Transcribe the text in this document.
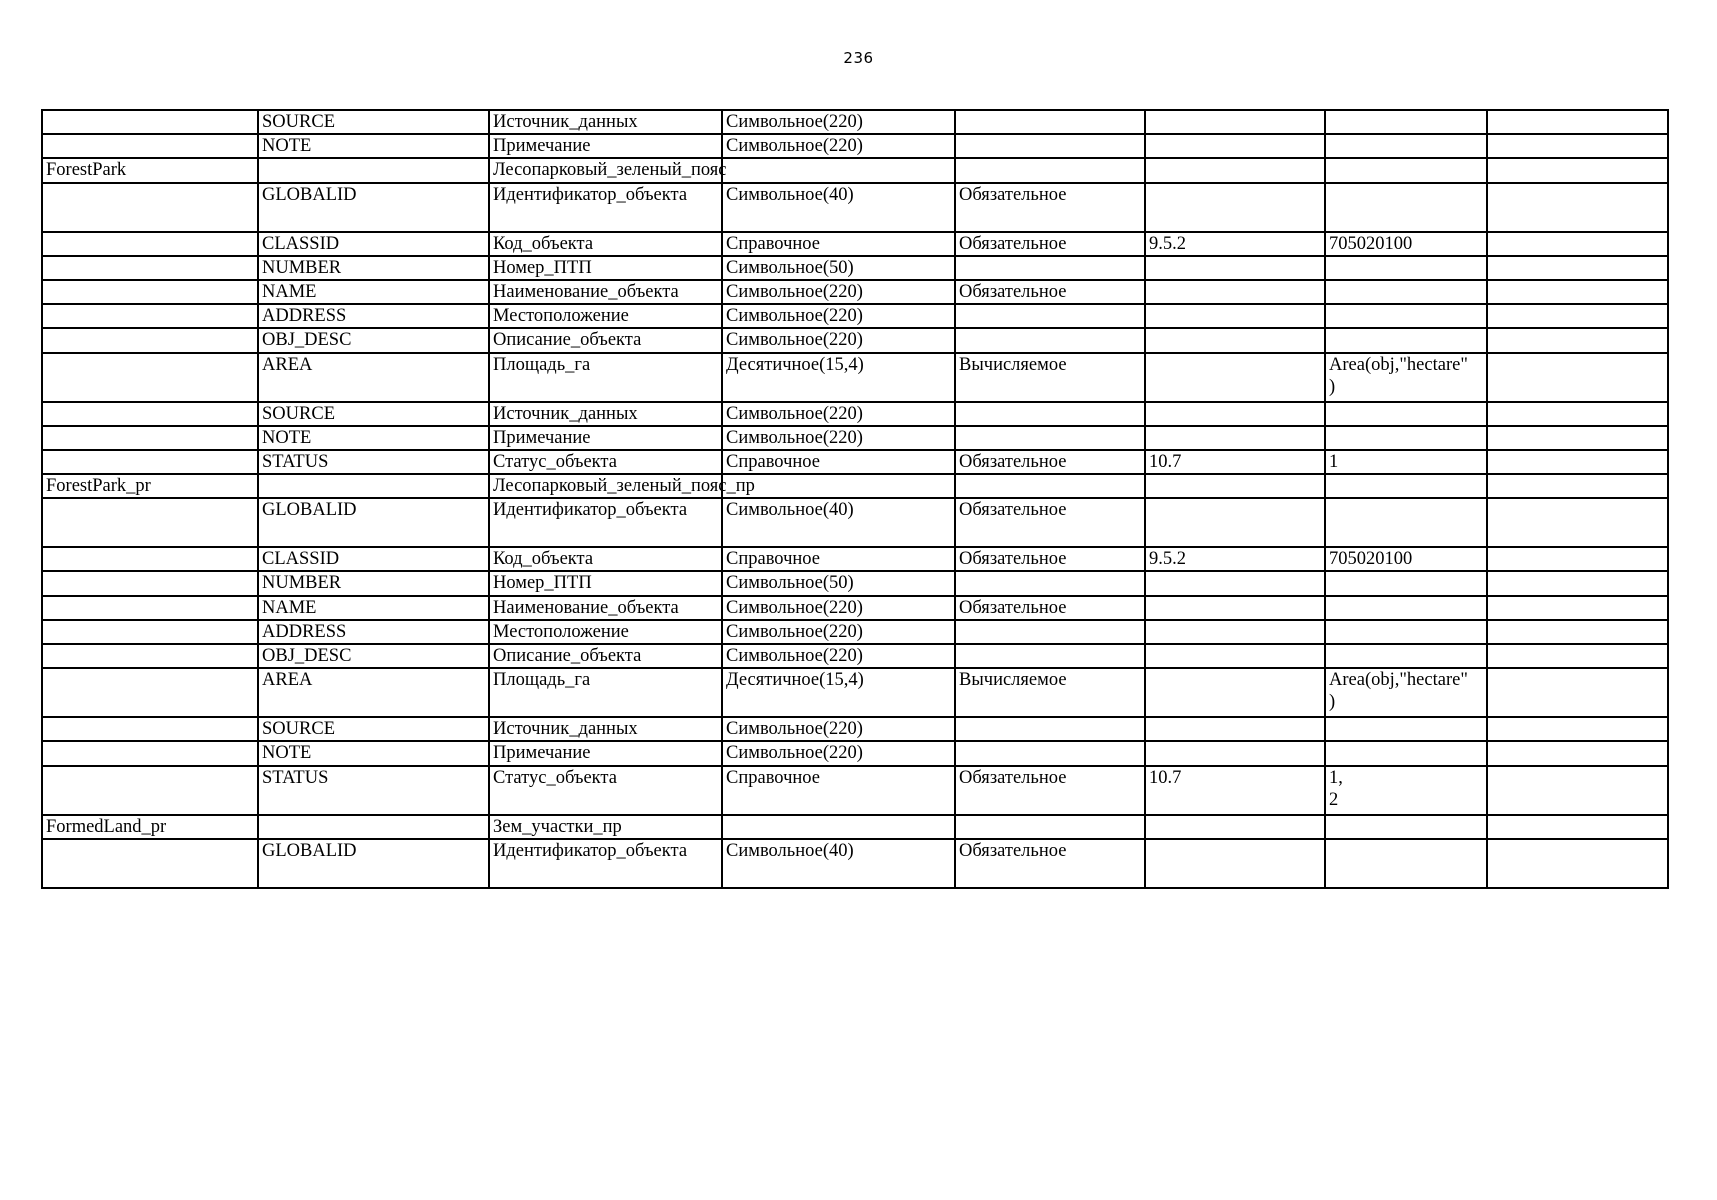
236
	SOURCE	Источник_данных	Символьное(220)				
	NOTE	Примечание	Символьное(220)				
ForestPark		Лесопарковый_зеленый_пояс					
	GLOBALID	Идентификатор_объекта	Символьное(40)	Обязательное			
	CLASSID	Код_объекта	Справочное	Обязательное	9.5.2	705020100	
	NUMBER	Номер_ПТП	Символьное(50)				
	NAME	Наименование_объекта	Символьное(220)	Обязательное			
	ADDRESS	Местоположение	Символьное(220)				
	OBJ_DESC	Описание_объекта	Символьное(220)				
	AREA	Площадь_га	Десятичное(15,4)	Вычисляемое		Area(obj,"hectare"
)	
	SOURCE	Источник_данных	Символьное(220)				
	NOTE	Примечание	Символьное(220)				
	STATUS	Статус_объекта	Справочное	Обязательное	10.7	1	
ForestPark_pr		Лесопарковый_зеленый_пояс_пр					
	GLOBALID	Идентификатор_объекта	Символьное(40)	Обязательное			
	CLASSID	Код_объекта	Справочное	Обязательное	9.5.2	705020100	
	NUMBER	Номер_ПТП	Символьное(50)				
	NAME	Наименование_объекта	Символьное(220)	Обязательное			
	ADDRESS	Местоположение	Символьное(220)				
	OBJ_DESC	Описание_объекта	Символьное(220)				
	AREA	Площадь_га	Десятичное(15,4)	Вычисляемое		Area(obj,"hectare"
)	
	SOURCE	Источник_данных	Символьное(220)				
	NOTE	Примечание	Символьное(220)				
	STATUS	Статус_объекта	Справочное	Обязательное	10.7	1,
2	
FormedLand_pr		Зем_участки_пр					
	GLOBALID	Идентификатор_объекта	Символьное(40)	Обязательное			
